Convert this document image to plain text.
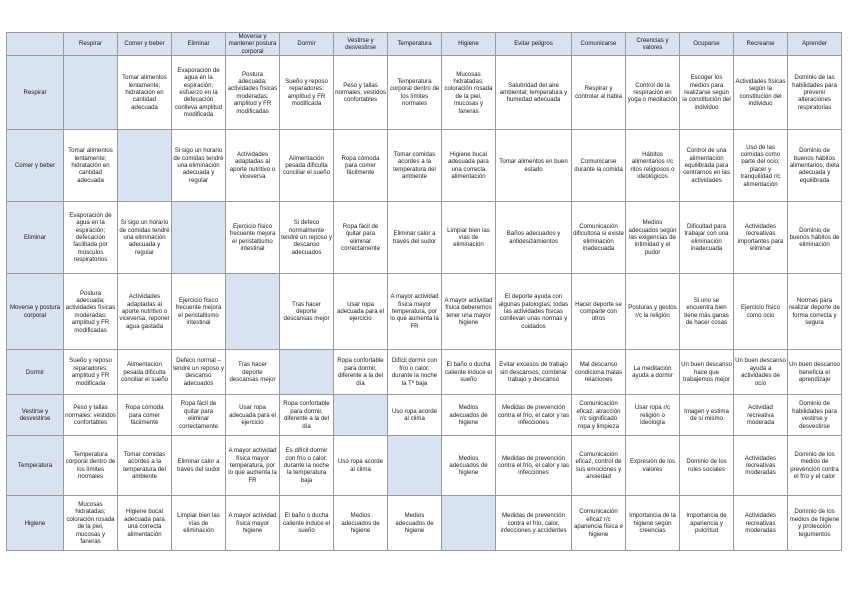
	Respirar	Comer y beber	Eliminar	Moverse y mantener postura corporal	Dormir	Vestirse y desvestirse	Temperatura	Higiene	Evitar peligros	Comunicarse	Creencias y valores	Ocuparse	Recrearse	Aprender
Respirar		Tomar alimentos lentamente; hidratación en cantidad adecuada	Evaporación de agua en la espiración; esfuerzo en la defecación conlleva amplitud modificada	Postura adecuada; actividades físicas moderadas: amplitud y FR modificadas	Sueño y reposo reparadores: amplitud y FR modificada	Peso y tallas normales; vestidos confortables	Temperatura corporal dentro de los límites normales	Mucosas hidratadas; coloración rosada de la piel, mucosas y faneras	Salubridad del aire ambiental; temperatura y humedad adecuada	Respirar y controlar al habla	Control de la respiración en yoga o meditación	Escoger los medios para realizarse según la constitución del individuo	Actividades físicas según la constitución del individuo	Dominio de las habilidades para prevenir alteraciones respiratorias
Comer y beber	Tomar alimentos lentamente; hidratación en cantidad adecuada		Si sigo un horario de comidas tendré una eliminación adecuada y regular	Actividades adaptadas al aporte nutritivo o viceversa	Alimentación pesada dificulta conciliar el sueño	Ropa cómoda para comer fácilmente	Tomar comidas acordes a la temperatura del ambiente	Higiene bucal adecuada para una correcta alimentación	Tomar alimentos en buen estado	Comunicarse durante la comida	Hábitos alimentarios r/c ritos religiosos o ideológicos	Control de una alimentación equilibrada para centrarnos en las actividades	Uso de las comidas como parte del ocio; placer y tranquilidad r/c alimentación	Dominio de buenos hábitos alimentarios; dieta adecuada y equilibrada
Eliminar	Evaporación de agua en la espiración; defecación facilitada por músculos respiratorios	Si sigo un horario de comidas tendré una eliminación adecuada y regular		Ejercicio físico frecuente mejora el peristaltismo intestinal	Si defeco normalmente tendré un reposo y descanso adecuados	Ropa fácil de quitar para eliminar correctamente	Eliminar calor a través del sudor	Limpiar bien las vías de eliminación	Baños adecuados y antidesizamientos	Comunicación dificultosa si existe eliminación inadecuada	Medios adecuados según las exigencias de intimidad y el pudor	Dificultad para trabajar con una eliminación inadecuada	Actividades recreativas importantes para eliminar	Dominio de buenos hábitos de eliminación
Moverse y postura corporal	Postura adecuada; actividades físicas moderadas: amplitud y FR modificadas	Actividades adaptadas al aporte nutritivo o viceversa; reponer agua gastada	Ejercicio físico frecuente mejora el peristaltismo intestinal		Tras hacer deporte descansas mejor	Usar ropa adecuada para el ejercicio	A mayor actividad física mayor temperatura, por lo que aumenta la FR	A mayor actividad física deberemos tener una mayor higiene	El deporte ayuda con algunas patologías; todas las actividades físicas conllevan unas normas y cuidados	Hacer deporte se comparte con otros	Posturas y gestos r/c la religión	Si uno se encuentra bien tiene más ganas de hacer cosas	Ejercicio físico como ocio	Normas para realizar deporte de forma correcta y segura
Dormir	Sueño y reposo reparadores: amplitud y FR modificada	Alimentación pesada dificulta conciliar el sueño	Defeco normal – tendré un reposo y descanso adecuados	Tras hacer deporte descansas mejor		Ropa confortable para dormir, diferente a la del día	Difícil dormir con frío o calor; durante la noche la Tª baja	El baño o ducha caliente induce el sueño	Evitar excesos de trabajo sin descansos; combinar trabajo y descanso	Mal descanso condiciona malas relaciones	La meditación ayuda a dormir	Un buen descanso hace que trabajemos mejor	Un buen descanso ayuda a actividades de ocio	Un buen descanso beneficia el aprendizaje
Vestirse y desvestirse	Peso y tallas normales; vestidos confortables	Ropa cómoda para comer fácilmente	Ropa fácil de quitar para eliminar correctamente	Usar ropa adecuada para el ejercicio	Ropa confortable para dormir, diferente a la del día		Uso ropa acorde al clima	Medios adecuados de higiene	Medidas de prevención contra el frío, el calor y las infecciones	Comunicación eficaz, atracción r/c significado ropa y limpieza	Usar ropa r/c religión o ideología	Imagen y estima de sí mismo	Actividad recreativa moderada	Dominio de habilidades para vestirse y desvestirse
Temperatura	Temperatura corporal dentro de los límites normales	Tomar comidas acordes a la temperatura del ambiente	Eliminar calor a través del sudor	A mayor actividad física mayor temperatura, por lo que aumenta la FR	Es difícil dormir con frío o calor; durante la noche la temperatura baja	Uso ropa acorde al clima		Medios adecuados de higiene	Medidas de prevención contra el frío, el calor y las infecciones	Comunicación eficaz, control de sus emociones y ansiedad	Expresión de los valores	Dominio de los roles sociales	Actividades recreativas moderadas	Dominio de los medios de prevención contra el frío y el calor
Higiene	Mucosas hidratadas; coloración rosada de la piel, mucosas y faneras	Higiene bucal adecuada para una correcta alimentación	Limpiar bien las vías de eliminación	A mayor actividad física mayor higiene	El baño o ducha caliente induce el sueño	Medios adecuados de higiene	Medios adecuados de higiene		Medidas de prevención contra el frío, calor, infecciones y accidentes	Comunicación eficaz r/c apariencia física e higiene	Importancia de la higiene según creencias	Importancia de apariencia y pulcritud	Actividades recreativas moderadas	Dominio de los medios de higiene y protección tegumentos
